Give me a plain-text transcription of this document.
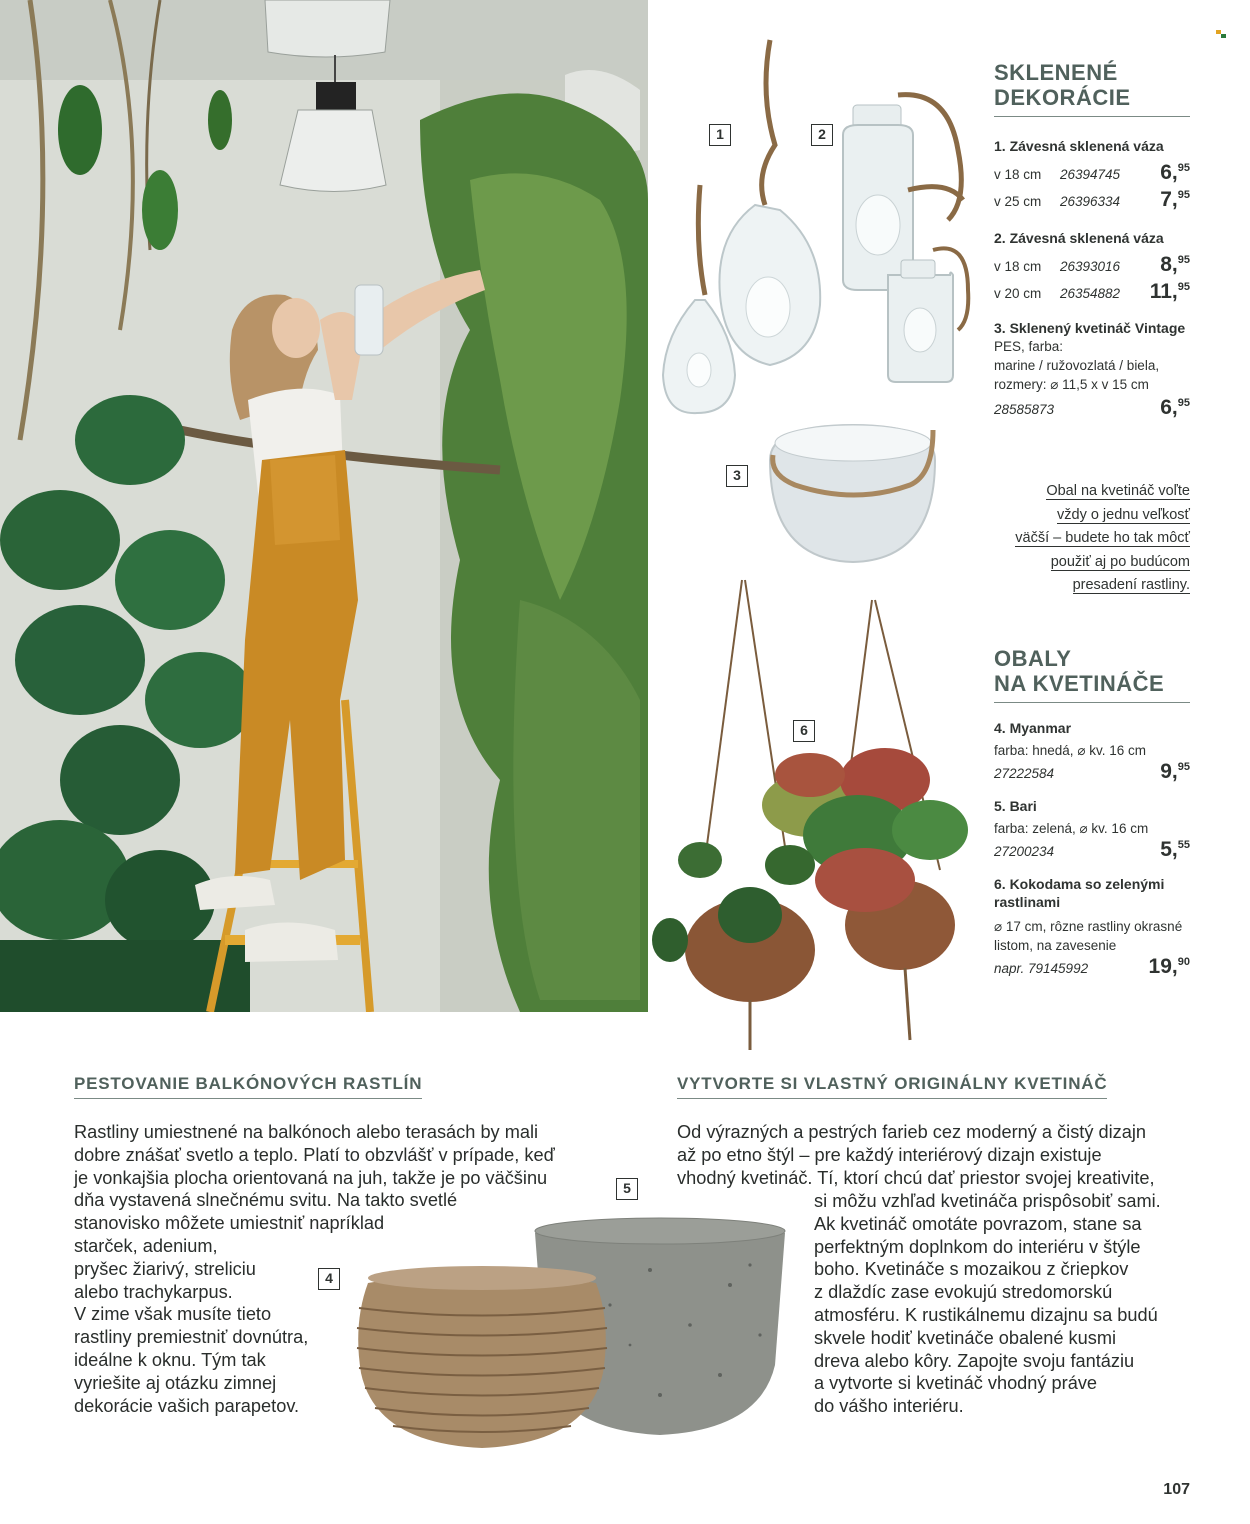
1	2
3
6
5
4
SKLENENÉ
DEKORÁCIE
1. Závesná sklenená váza
v 18 cm 26394745 6,95
v 25 cm 26396334 7,95
2. Závesná sklenená váza
v 18 cm 26393016 8,95
v 20 cm 26354882 11,95
3. Sklenený kvetináč Vintage
PES, farba:
marine / ružovozlatá / biela,
rozmery: ⌀ 11,5 x v 15 cm
28585873	6,95
Obal na kvetináč voľte
vždy o jednu veľkosť
väčší – budete ho tak môcť
použiť aj po budúcom
presadení rastliny.
OBALY
NA KVETINÁČE
4. Myanmar
farba: hnedá, ⌀ kv. 16 cm
27222584	9,95
5. Bari
farba: zelená, ⌀ kv. 16 cm
27200234	5,55
6. Kokodama so zelenými
rastlinami
⌀ 17 cm, rôzne rastliny okrasné
listom, na zavesenie
napr. 79145992	19,90
PESTOVANIE BALKÓNOVÝCH RASTLÍN
Rastliny umiestnené na balkónoch alebo terasách by mali
dobre znášať svetlo a teplo. Platí to obzvlášť v prípade, keď
je vonkajšia plocha orientovaná na juh, takže je po väčšinu
dňa vystavená slnečnému svitu. Na takto svetlé
stanovisko môžete umiestniť napríklad
starček, adenium,
pryšec žiarivý, streliciu
alebo trachykarpus.
V zime však musíte tieto
rastliny premiestniť dovnútra,
ideálne k oknu. Tým tak
vyriešite aj otázku zimnej
dekorácie vašich parapetov.
VYTVORTE SI VLASTNÝ ORIGINÁLNY KVETINÁČ
Od výrazných a pestrých farieb cez moderný a čistý dizajn
až po etno štýl – pre každý interiérový dizajn existuje
vhodný kvetináč. Tí, ktorí chcú dať priestor svojej kreativite,
si môžu vzhľad kvetináča prispôsobiť sami.
Ak kvetináč omotáte povrazom, stane sa
perfektným doplnkom do interiéru v štýle
boho. Kvetináče s mozaikou z čriepkov
z dlaždíc zase evokujú stredomorskú
atmosféru. K rustikálnemu dizajnu sa budú
skvele hodiť kvetináče obalené kusmi
dreva alebo kôry. Zapojte svoju fantáziu
a vytvorte si kvetináč vhodný práve
do vášho interiéru.
107
